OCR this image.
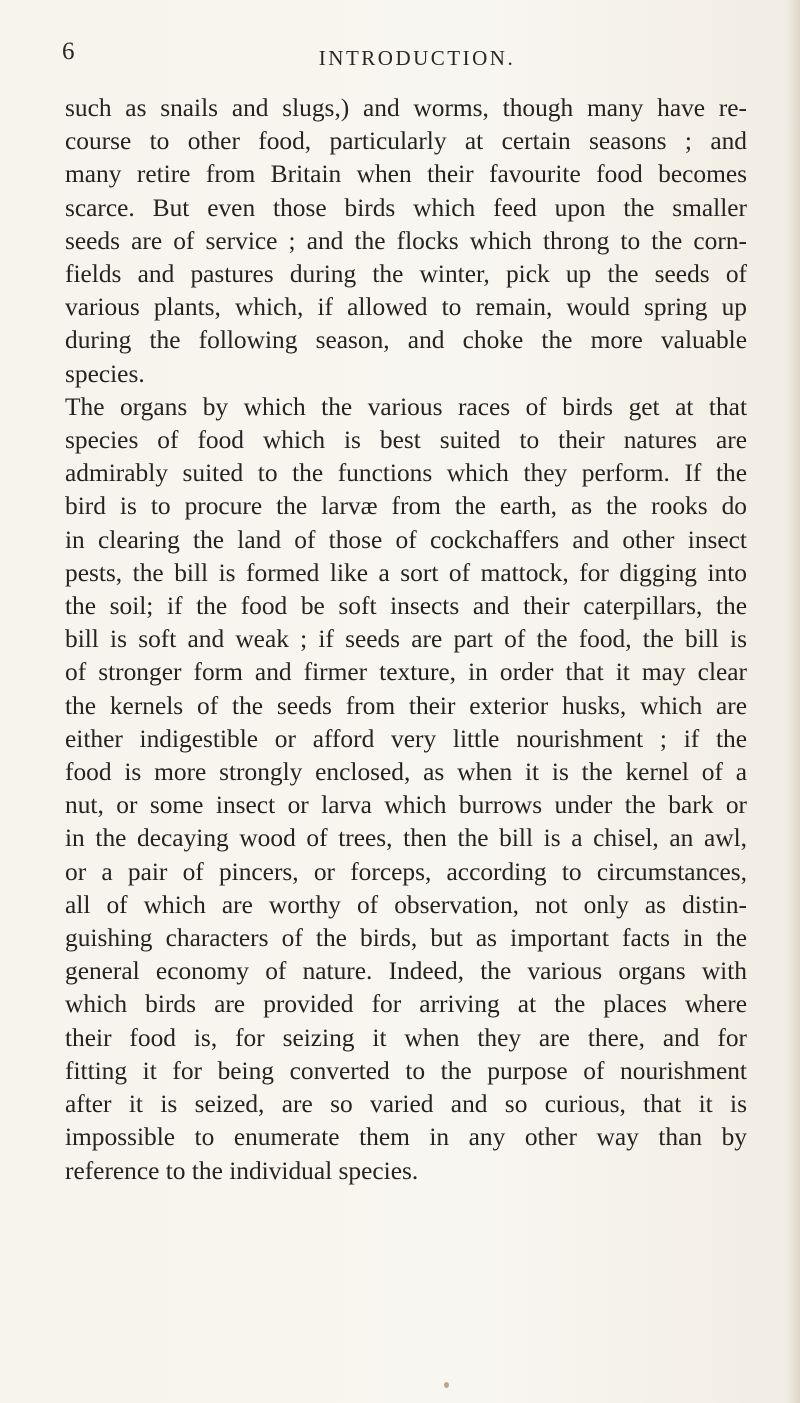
6	INTRODUCTION.

such as snails and slugs,) and worms, though many have re-
course to other food, particularly at certain seasons ; and
many retire from Britain when their favourite food becomes
scarce. But even those birds which feed upon the smaller
seeds are of service ; and the flocks which throng to the corn-
fields and pastures during the winter, pick up the seeds of
various plants, which, if allowed to remain, would spring up
during the following season, and choke the more valuable
species.

The organs by which the various races of birds get at that
species of food which is best suited to their natures are
admirably suited to the functions which they perform. If the
bird is to procure the larvæ from the earth, as the rooks do
in clearing the land of those of cockchaffers and other insect
pests, the bill is formed like a sort of mattock, for digging into
the soil; if the food be soft insects and their caterpillars, the
bill is soft and weak ; if seeds are part of the food, the bill is
of stronger form and firmer texture, in order that it may clear
the kernels of the seeds from their exterior husks, which are
either indigestible or afford very little nourishment ; if the
food is more strongly enclosed, as when it is the kernel of a
nut, or some insect or larva which burrows under the bark or
in the decaying wood of trees, then the bill is a chisel, an awl,
or a pair of pincers, or forceps, according to circumstances,
all of which are worthy of observation, not only as distin-
guishing characters of the birds, but as important facts in the
general economy of nature. Indeed, the various organs with
which birds are provided for arriving at the places where
their food is, for seizing it when they are there, and for
fitting it for being converted to the purpose of nourishment
after it is seized, are so varied and so curious, that it is
impossible to enumerate them in any other way than by
reference to the individual species.
